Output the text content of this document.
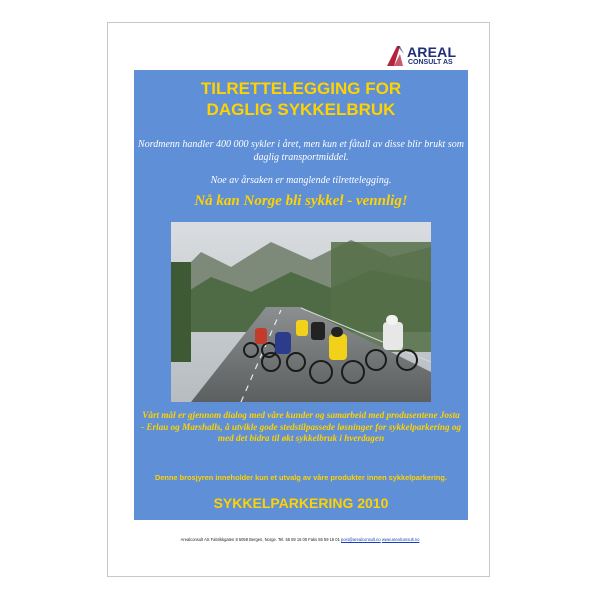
AREAL
CONSULT AS
TILRETTELEGGING FOR
DAGLIG SYKKELBRUK
Nordmenn handler 400 000 sykler i året, men kun et fåtall av disse blir brukt som daglig transportmiddel.
Noe av årsaken er manglende tilrettelegging.
Nå kan Norge bli sykkel - vennlig!
Vårt mål er gjennom dialog med våre kunder og samarbeid med produsentene Josta - Erlau og Marshalls, å utvikle gode stedstilpassede løsninger for sykkelparkering og med det bidra til økt sykkelbruk i hverdagen
Denne brosjyren inneholder kun et utvalg av våre produkter innen sykkelparkering.
SYKKELPARKERING 2010
Arealconsult AS Fabrikkgaten 8 5059 Bergen, Norge. Tel. 55 59 16 00 Faks 55 59 16 01 post@arealconsult.no www.arealconsult.no
